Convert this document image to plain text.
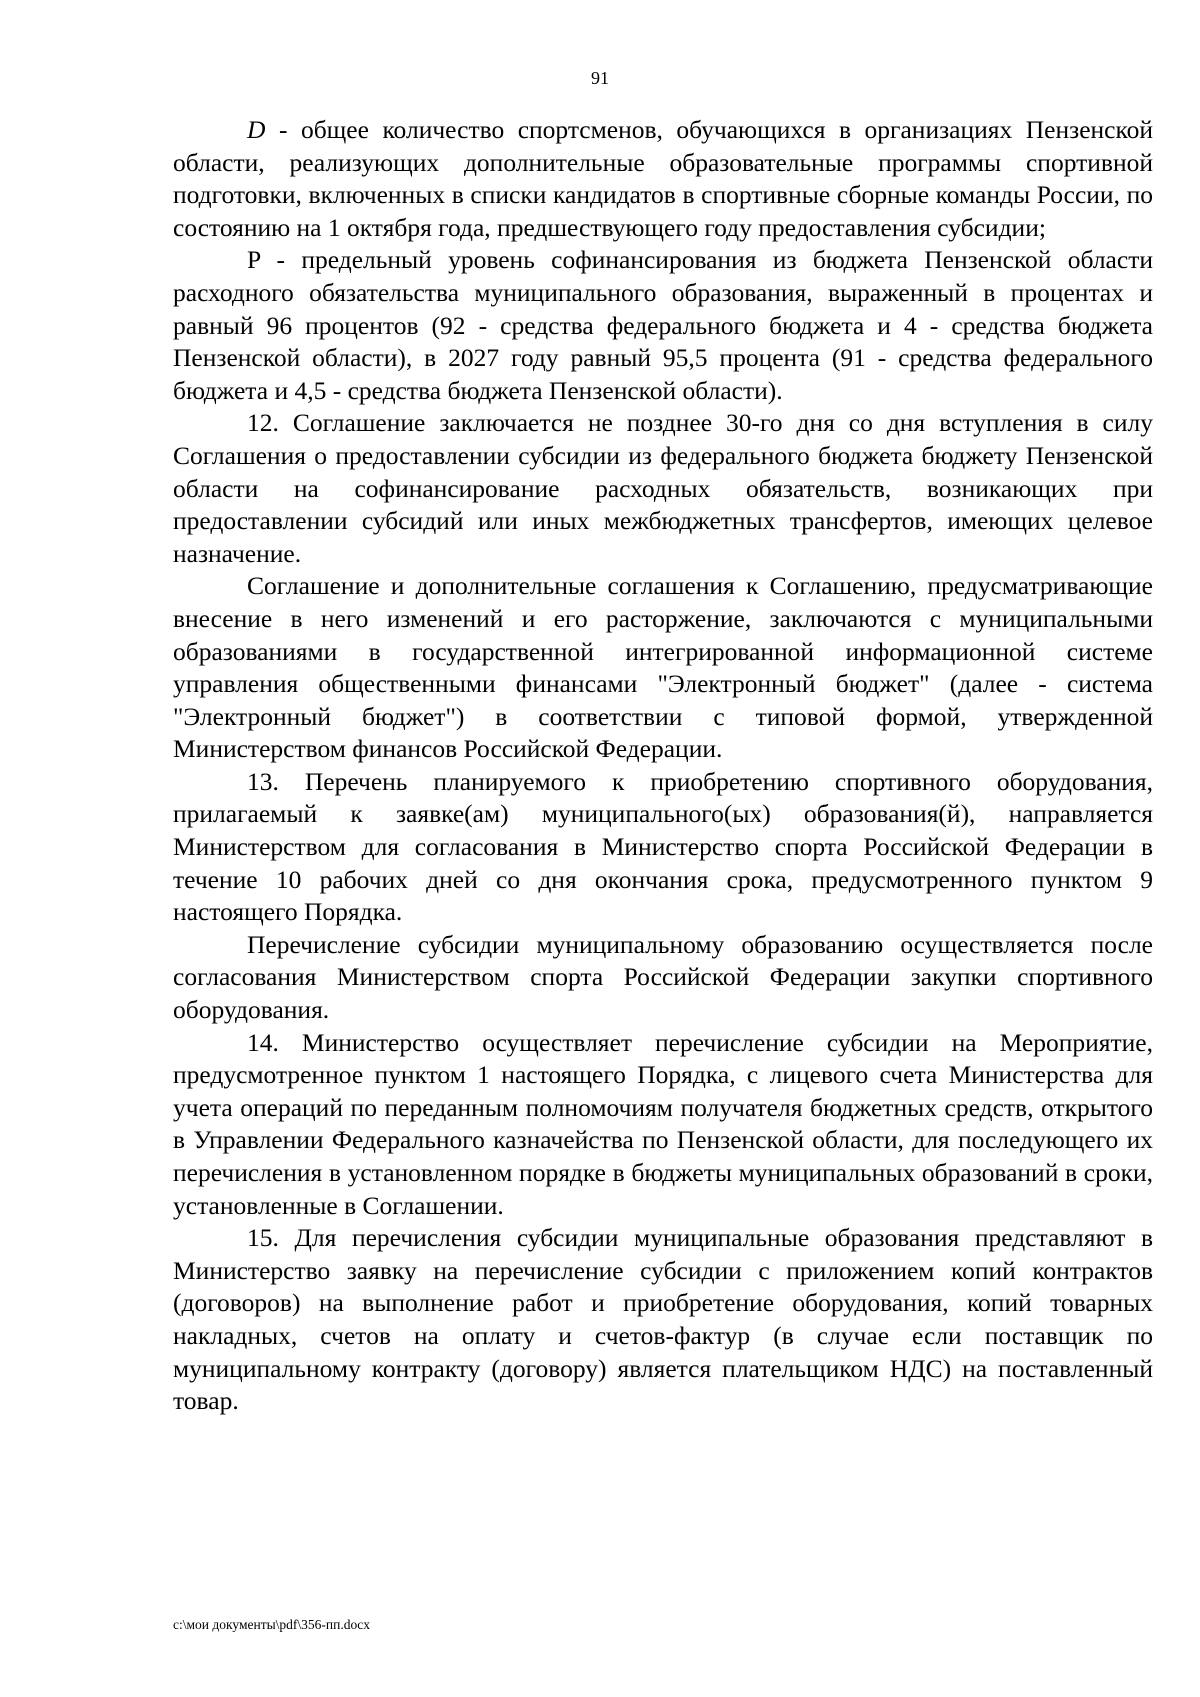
91

D - общее количество спортсменов, обучающихся в организациях Пензенской области, реализующих дополнительные образовательные программы спортивной подготовки, включенных в списки кандидатов в спортивные сборные команды России, по состоянию на 1 октября года, предшествующего году предоставления субсидии;

P - предельный уровень софинансирования из бюджета Пензенской области расходного обязательства муниципального образования, выраженный в процентах и равный 96 процентов (92 - средства федерального бюджета и 4 - средства бюджета Пензенской области), в 2027 году равный 95,5 процента (91 - средства федерального бюджета и 4,5 - средства бюджета Пензенской области).

12. Соглашение заключается не позднее 30-го дня со дня вступления в силу Соглашения о предоставлении субсидии из федерального бюджета бюджету Пензенской области на софинансирование расходных обязательств, возникающих при предоставлении субсидий или иных межбюджетных трансфертов, имеющих целевое назначение.

Соглашение и дополнительные соглашения к Соглашению, предусматривающие внесение в него изменений и его расторжение, заключаются с муниципальными образованиями в государственной интегрированной информационной системе управления общественными финансами "Электронный бюджет" (далее - система "Электронный бюджет") в соответствии с типовой формой, утвержденной Министерством финансов Российской Федерации.

13. Перечень планируемого к приобретению спортивного оборудования, прилагаемый к заявке(ам) муниципального(ых) образования(й), направляется Министерством для согласования в Министерство спорта Российской Федерации в течение 10 рабочих дней со дня окончания срока, предусмотренного пунктом 9 настоящего Порядка.

Перечисление субсидии муниципальному образованию осуществляется после согласования Министерством спорта Российской Федерации закупки спортивного оборудования.

14. Министерство осуществляет перечисление субсидии на Мероприятие, предусмотренное пунктом 1 настоящего Порядка, с лицевого счета Министерства для учета операций по переданным полномочиям получателя бюджетных средств, открытого в Управлении Федерального казначейства по Пензенской области, для последующего их перечисления в установленном порядке в бюджеты муниципальных образований в сроки, установленные в Соглашении.

15. Для перечисления субсидии муниципальные образования представляют в Министерство заявку на перечисление субсидии с приложением копий контрактов (договоров) на выполнение работ и приобретение оборудования, копий товарных накладных, счетов на оплату и счетов-фактур (в случае если поставщик по муниципальному контракту (договору) является плательщиком НДС) на поставленный товар.

c:\мои документы\pdf\356-пп.docx
